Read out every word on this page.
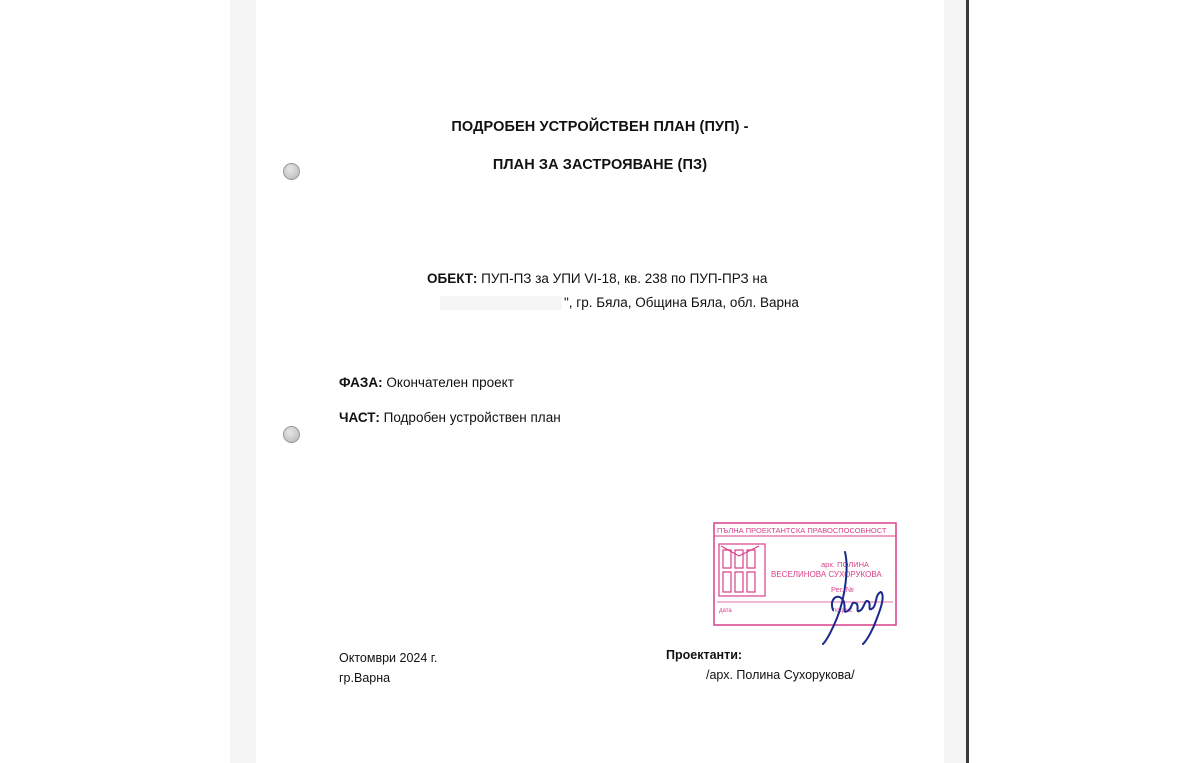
ПОДРОБЕН УСТРОЙСТВЕН ПЛАН (ПУП) -
ПЛАН ЗА ЗАСТРОЯВАНЕ (ПЗ)
ОБЕКТ: ПУП-ПЗ за УПИ VI-18, кв. 238 по ПУП-ПРЗ на
", гр. Бяла, Община Бяла, обл. Варна
ФАЗА: Окончателен проект
ЧАСТ: Подробен устройствен план
ПЪЛНА ПРОЕКТАНТСКА ПРАВОСПОСОБНОСТ
арх. ПОЛИНА
ВЕСЕЛИНОВА СУХОРУКОВА
Рег. №
дата	подпис
Октомври 2024 г.
гр.Варна
Проектанти:
/арх. Полина Сухорукова/
